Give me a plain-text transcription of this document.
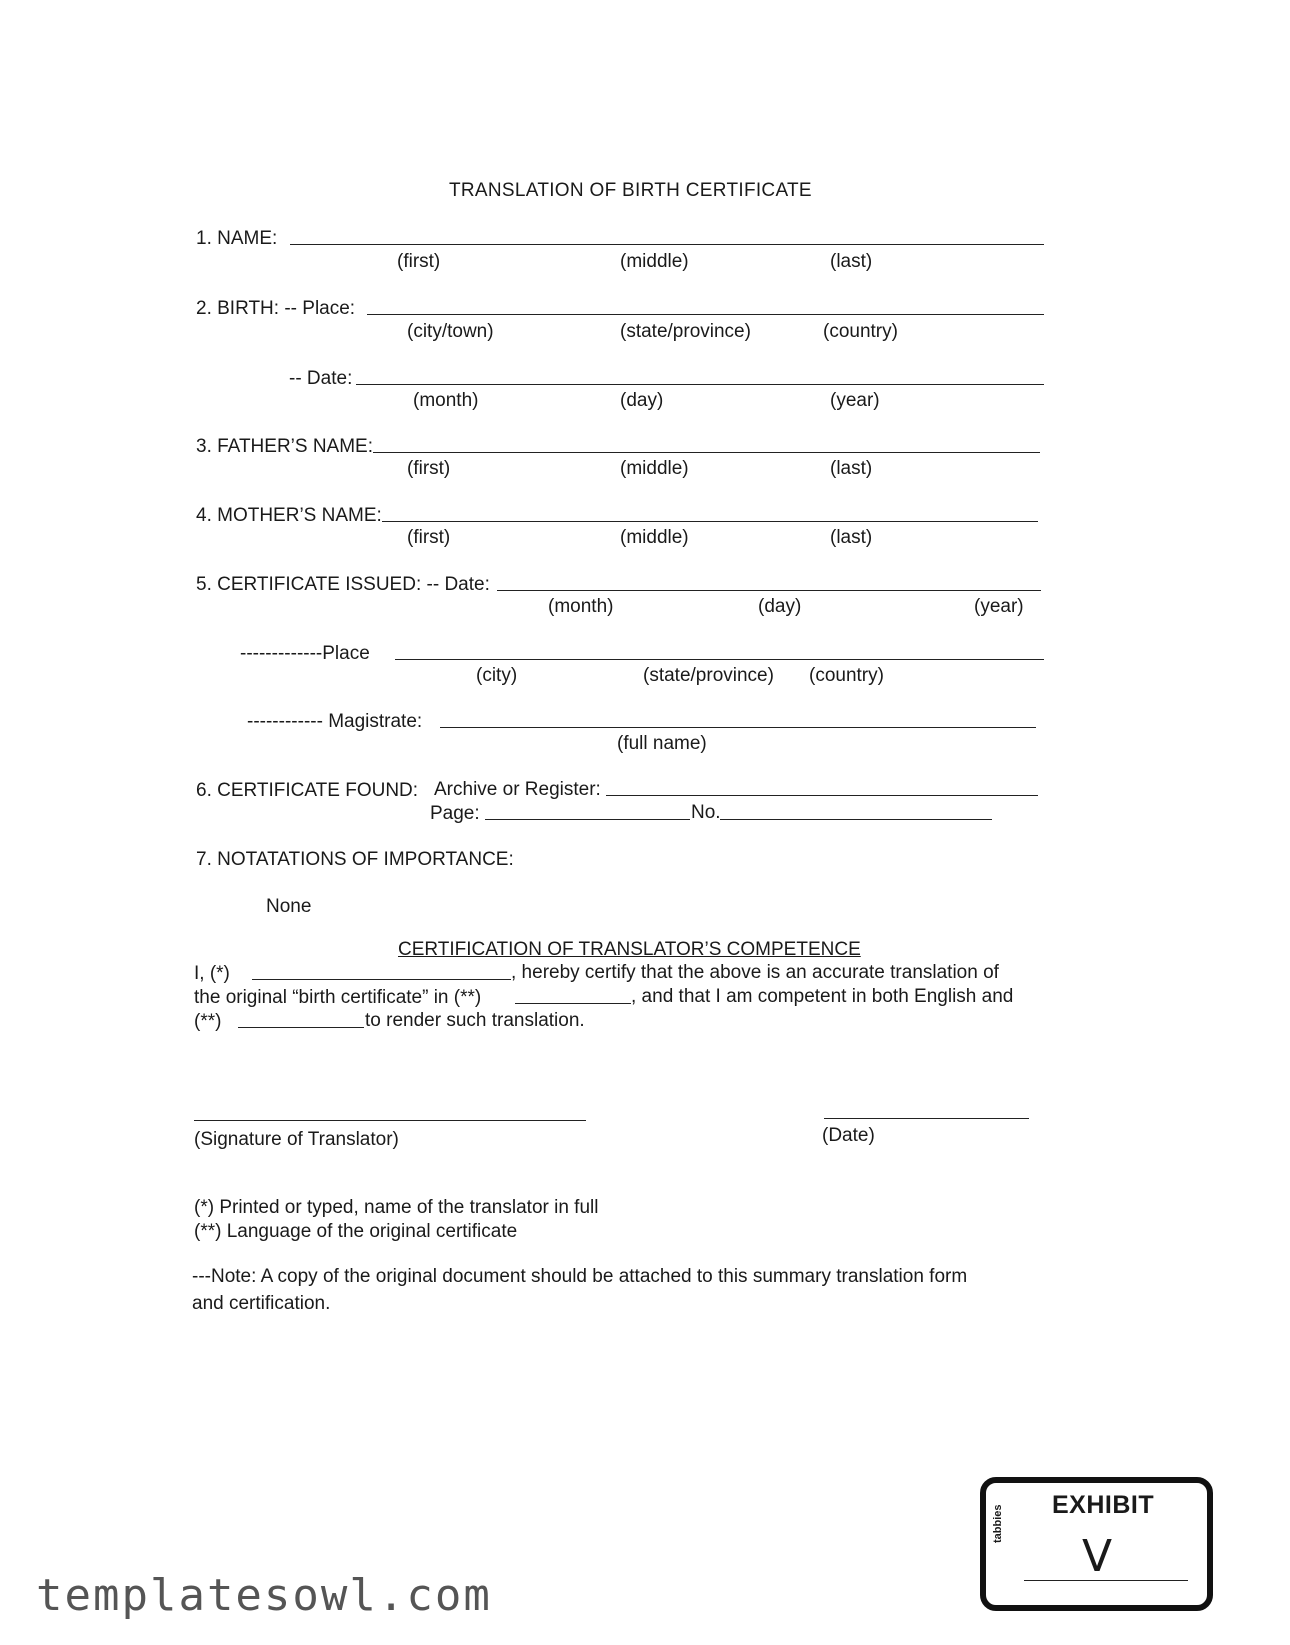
TRANSLATION OF BIRTH CERTIFICATE
1. NAME:
(first)	(middle)	(last)
2. BIRTH: -- Place:
(city/town)	(state/province)	(country)
-- Date:
(month)	(day)	(year)
3. FATHER’S NAME:
(first)	(middle)	(last)
4. MOTHER’S NAME:
(first)	(middle)	(last)
5. CERTIFICATE ISSUED: -- Date:
(month)	(day)	(year)
-------------Place
(city)	(state/province) (country)
------------ Magistrate:
(full name)
6. CERTIFICATE FOUND: Archive or Register:
Page:	No.
7. NOTATATIONS OF IMPORTANCE:
None
CERTIFICATION OF TRANSLATOR’S COMPETENCE
I, (*)	, hereby certify that the above is an accurate translation of
the original “birth certificate” in (**)	, and that I am competent in both English and
(**)	to render such translation.
(Signature of Translator)	(Date)
(*) Printed or typed, name of the translator in full
(**) Language of the original certificate
---Note: A copy of the original document should be attached to this summary translation form
and certification.
EXHIBIT
tabbies
V
templatesowl.com
